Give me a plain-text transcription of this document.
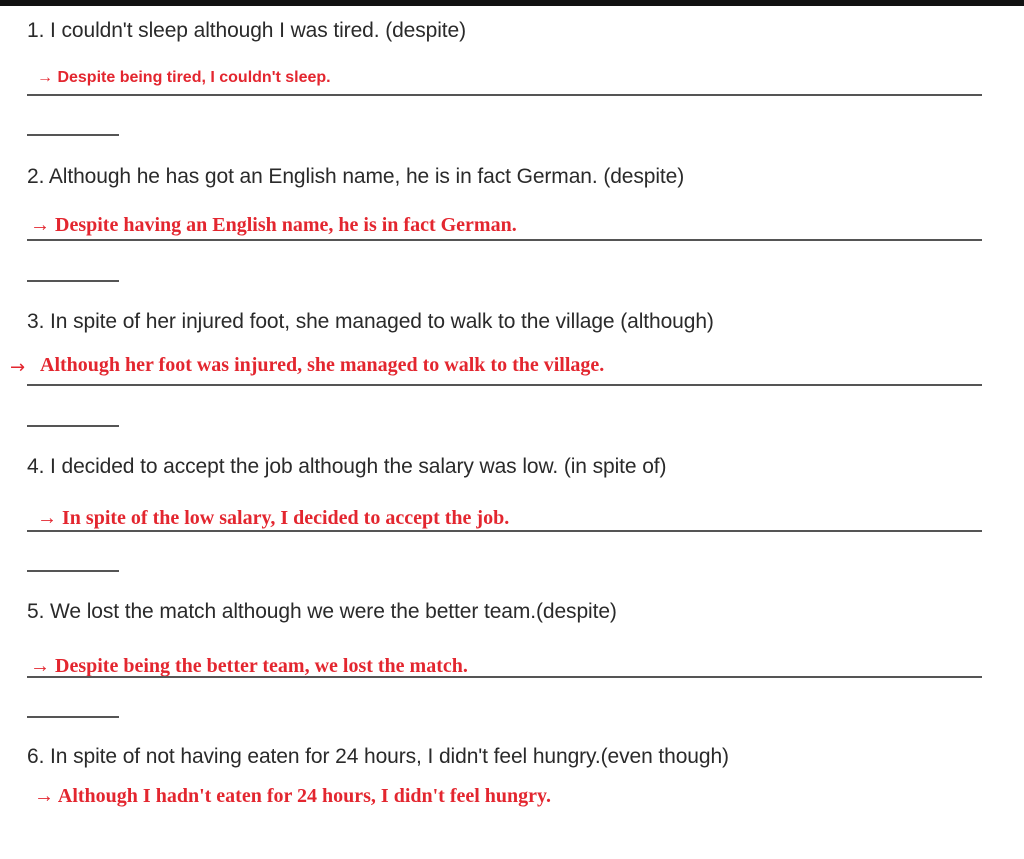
1. I couldn't sleep although I was tired. (despite)
→ Despite being tired, I couldn't sleep.
2. Although he has got an English name, he is in fact German. (despite)
→ Despite having an English name, he is in fact German.
3. In spite of her injured foot, she managed to walk to the village (although)
→ Although her foot was injured, she managed to walk to the village.
4. I decided to accept the job although the salary was low. (in spite of)
→ In spite of the low salary, I decided to accept the job.
5. We lost the match although we were the better team.(despite)
→ Despite being the better team, we lost the match.
6. In spite of not having eaten for 24 hours, I didn't feel hungry.(even though)
→ Although I hadn't eaten for 24 hours, I didn't feel hungry.
